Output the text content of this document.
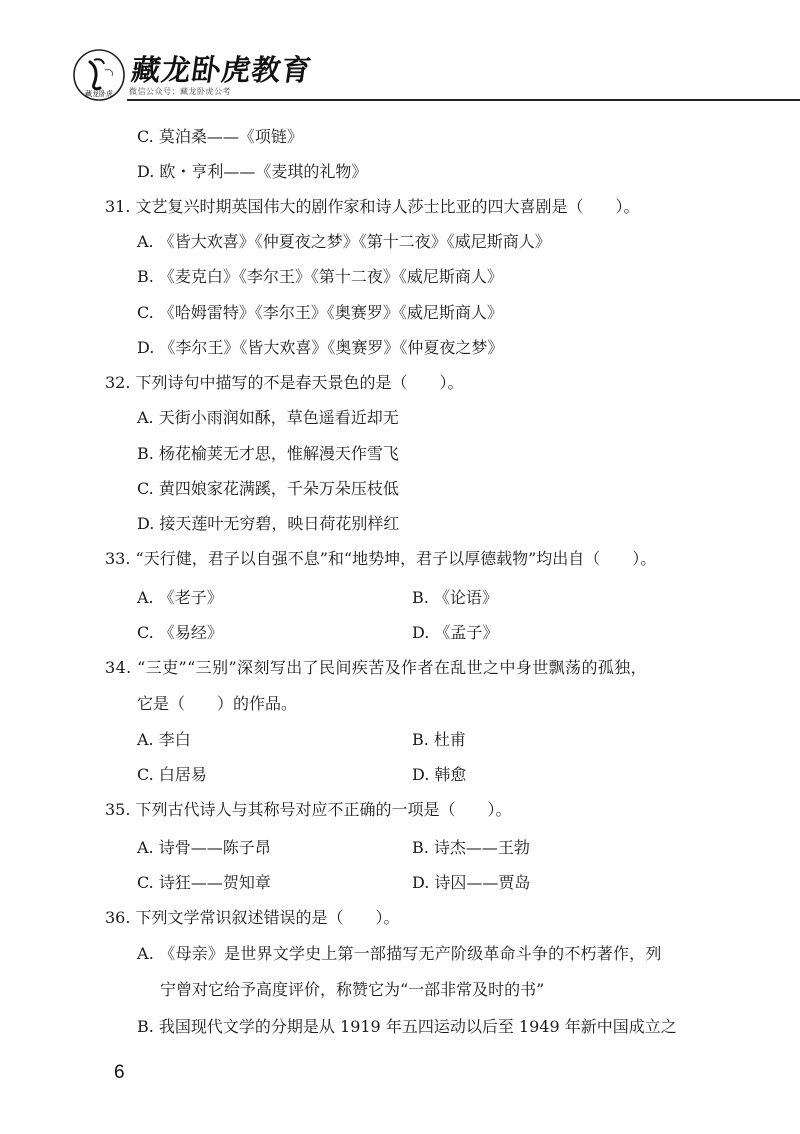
藏龙卧虎
藏龙卧虎教育
微信公众号：藏龙卧虎公考
C. 莫泊桑——《项链》
D. 欧・亨利——《麦琪的礼物》
31. 文艺复兴时期英国伟大的剧作家和诗人莎士比亚的四大喜剧是（　　）。
A. 《皆大欢喜》《仲夏夜之梦》《第十二夜》《威尼斯商人》
B. 《麦克白》《李尔王》《第十二夜》《威尼斯商人》
C. 《哈姆雷特》《李尔王》《奥赛罗》《威尼斯商人》
D. 《李尔王》《皆大欢喜》《奥赛罗》《仲夏夜之梦》
32. 下列诗句中描写的不是春天景色的是（　　）。
A. 天街小雨润如酥，草色遥看近却无
B. 杨花榆荚无才思，惟解漫天作雪飞
C. 黄四娘家花满蹊，千朵万朵压枝低
D. 接天莲叶无穷碧，映日荷花别样红
33. “天行健，君子以自强不息”和“地势坤，君子以厚德载物”均出自（　　）。
A. 《老子》	B. 《论语》
C. 《易经》	D. 《孟子》
34. “三吏”“三别”深刻写出了民间疾苦及作者在乱世之中身世飘荡的孤独，
它是（　　）的作品。
A. 李白	B. 杜甫
C. 白居易	D. 韩愈
35. 下列古代诗人与其称号对应不正确的一项是（　　）。
A. 诗骨——陈子昂	B. 诗杰——王勃
C. 诗狂——贺知章	D. 诗囚——贾岛
36. 下列文学常识叙述错误的是（　　）。
A. 《母亲》是世界文学史上第一部描写无产阶级革命斗争的不朽著作，列
宁曾对它给予高度评价，称赞它为“一部非常及时的书”
B. 我国现代文学的分期是从 1919 年五四运动以后至 1949 年新中国成立之
6
